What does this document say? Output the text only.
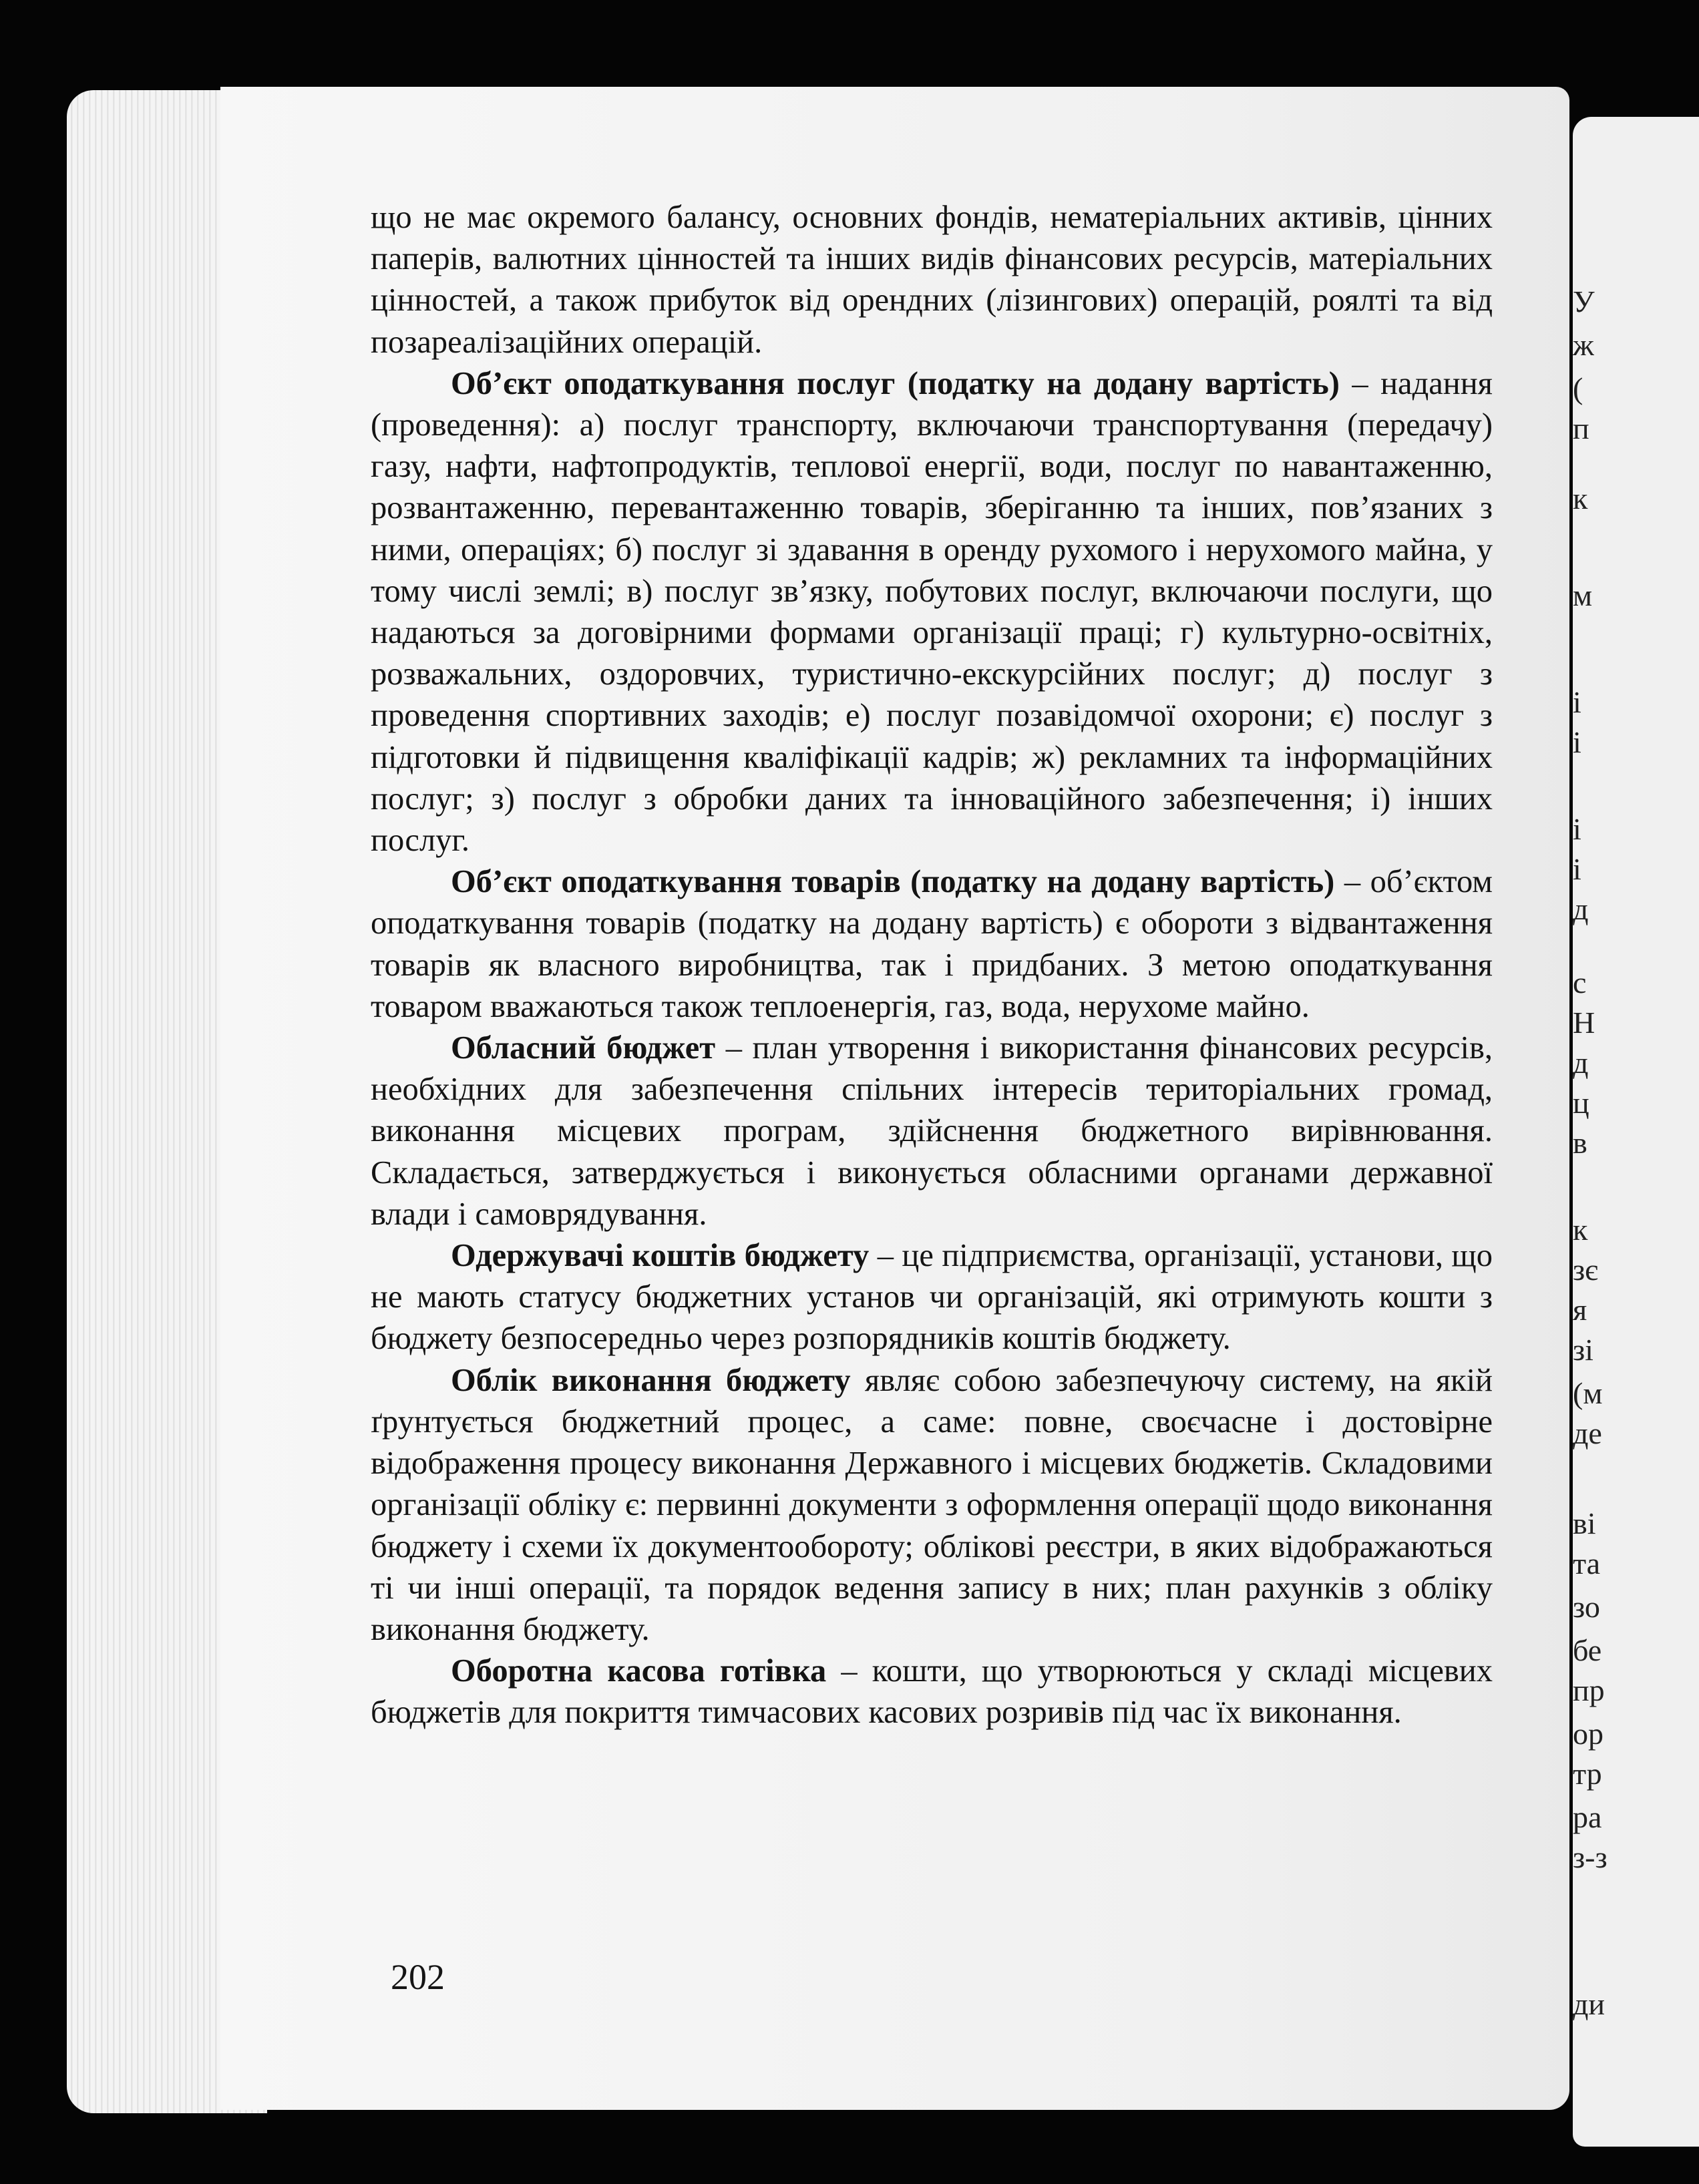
У
ж
(
п
к
м
і
і
і
і
д
с
Н
д
ц
в
к
зє
я
зі
(м
де
ві
та
зо
бе
пр
ор
тр
ра
з-з
ди

що не має окремого балансу, основних фондів, нематеріальних активів, цінних паперів, валютних цінностей та інших видів фінансових ресурсів, матеріальних цінностей, а також прибуток від орендних (лізингових) операцій, роялті та від позареалізаційних операцій.

Об’єкт оподаткування послуг (податку на додану вартість) – надання (проведення): а) послуг транспорту, включаючи транспортування (передачу) газу, нафти, нафтопродуктів, теплової енергії, води, послуг по навантаженню, розвантаженню, перевантаженню товарів, зберіганню та інших, пов’язаних з ними, операціях; б) послуг зі здавання в оренду рухомого і нерухомого майна, у тому числі землі; в) послуг зв’язку, побутових послуг, включаючи послуги, що надаються за договірними формами організації праці; г) культурно-освітніх, розважальних, оздоровчих, туристично-екскурсійних послуг; д) послуг з проведення спортивних заходів; е) послуг позавідомчої охорони; є) послуг з підготовки й підвищення кваліфікації кадрів; ж) рекламних та інформаційних послуг; з) послуг з обробки даних та інноваційного забезпечення; і) інших послуг.

Об’єкт оподаткування товарів (податку на додану вартість) – об’єктом оподаткування товарів (податку на додану вартість) є обороти з відвантаження товарів як власного виробництва, так і придбаних. З метою оподаткування товаром вважаються також теплоенергія, газ, вода, нерухоме майно.

Обласний бюджет – план утворення і використання фінансових ресурсів, необхідних для забезпечення спільних інтересів територіальних громад, виконання місцевих програм, здійснення бюджетного вирівнювання. Складається, затверджується і виконується обласними органами державної влади і самоврядування.

Одержувачі коштів бюджету – це підприємства, організації, установи, що не мають статусу бюджетних установ чи організацій, які отримують кошти з бюджету безпосередньо через розпорядників коштів бюджету.

Облік виконання бюджету являє собою забезпечуючу систему, на якій ґрунтується бюджетний процес, а саме: повне, своєчасне і достовірне відображення процесу виконання Державного і місцевих бюджетів. Складовими організації обліку є: первинні документи з оформлення операції щодо виконання бюджету і схеми їх документообороту; облікові реєстри, в яких відображаються ті чи інші операції, та порядок ведення запису в них; план рахунків з обліку виконання бюджету.

Оборотна касова готівка – кошти, що утворюються у складі місцевих бюджетів для покриття тимчасових касових розривів під час їх виконання.

202
